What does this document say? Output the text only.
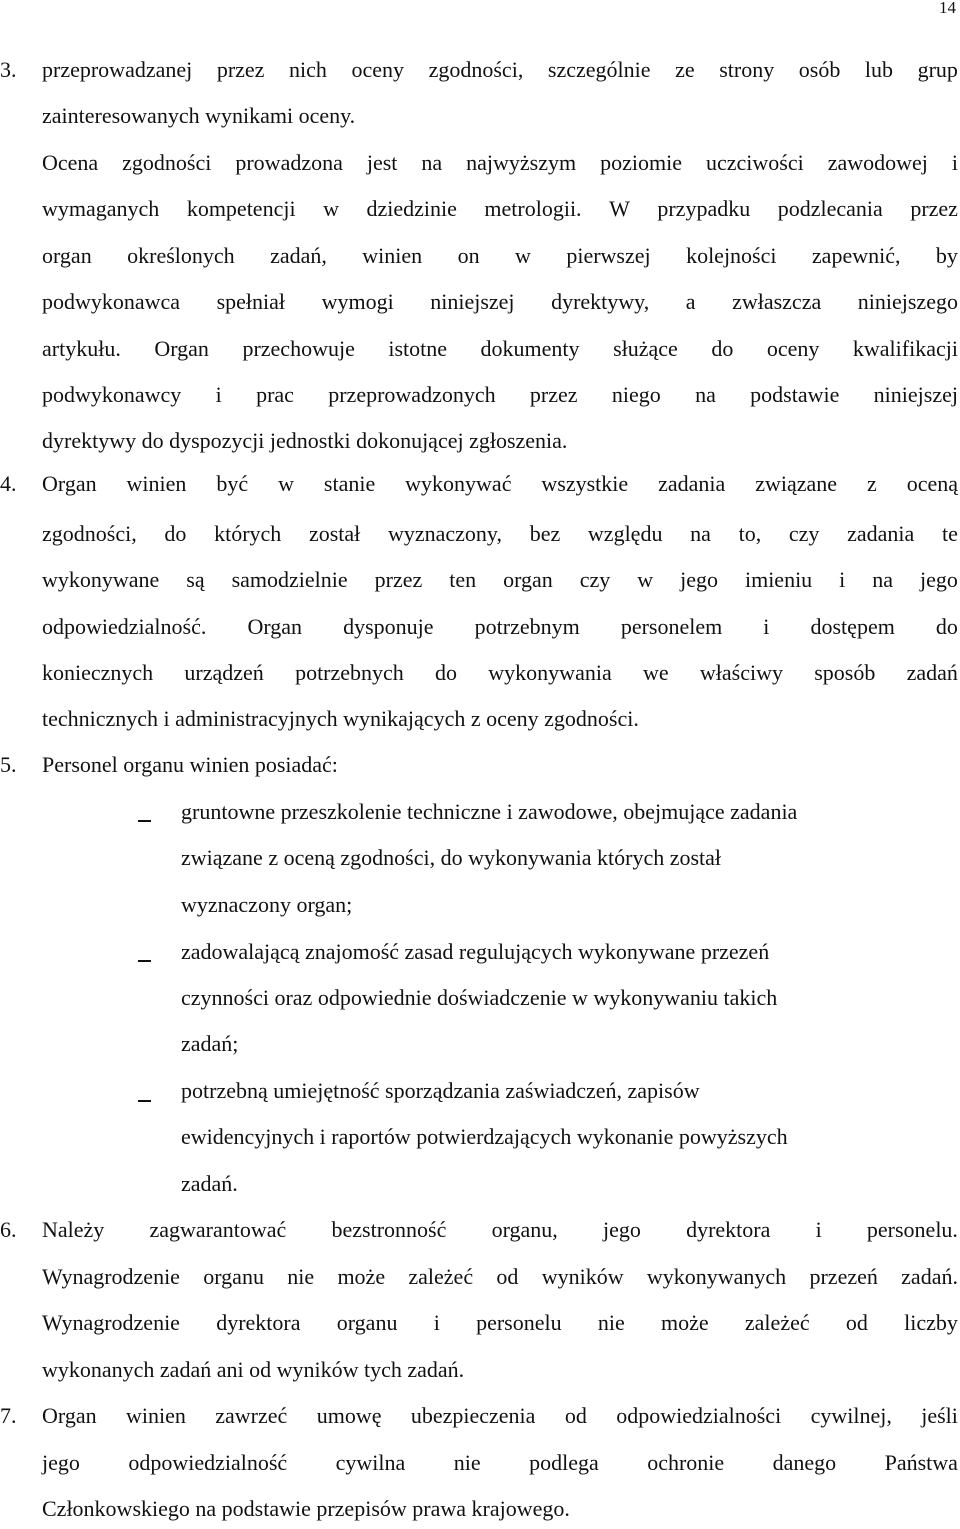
14
3.
4.
5.
6.
7.
przeprowadzanej przez nich oceny zgodności, szczególnie ze strony osób lub grup
zainteresowanych wynikami oceny.
Ocena zgodności prowadzona jest na najwyższym poziomie uczciwości zawodowej i
wymaganych kompetencji w dziedzinie metrologii. W przypadku podzlecania przez
organ określonych zadań, winien on w pierwszej kolejności zapewnić, by
podwykonawca spełniał wymogi niniejszej dyrektywy, a zwłaszcza niniejszego
artykułu. Organ przechowuje istotne dokumenty służące do oceny kwalifikacji
podwykonawcy i prac przeprowadzonych przez niego na podstawie niniejszej
dyrektywy do dyspozycji jednostki dokonującej zgłoszenia.
Organ winien być w stanie wykonywać wszystkie zadania związane z oceną
zgodności, do których został wyznaczony, bez względu na to, czy zadania te
wykonywane są samodzielnie przez ten organ czy w jego imieniu i na jego
odpowiedzialność. Organ dysponuje potrzebnym personelem i dostępem do
koniecznych urządzeń potrzebnych do wykonywania we właściwy sposób zadań
technicznych i administracyjnych wynikających z oceny zgodności.
Personel organu winien posiadać:
gruntowne przeszkolenie techniczne i zawodowe, obejmujące zadania
związane z oceną zgodności, do wykonywania których został
wyznaczony organ;
zadowalającą znajomość zasad regulujących wykonywane przezeń
czynności oraz odpowiednie doświadczenie w wykonywaniu takich
zadań;
potrzebną umiejętność sporządzania zaświadczeń, zapisów
ewidencyjnych i raportów potwierdzających wykonanie powyższych
zadań.
Należy zagwarantować bezstronność organu, jego dyrektora i personelu.
Wynagrodzenie organu nie może zależeć od wyników wykonywanych przezeń zadań.
Wynagrodzenie dyrektora organu i personelu nie może zależeć od liczby
wykonanych zadań ani od wyników tych zadań.
Organ winien zawrzeć umowę ubezpieczenia od odpowiedzialności cywilnej, jeśli
jego odpowiedzialność cywilna nie podlega ochronie danego Państwa
Członkowskiego na podstawie przepisów prawa krajowego.
